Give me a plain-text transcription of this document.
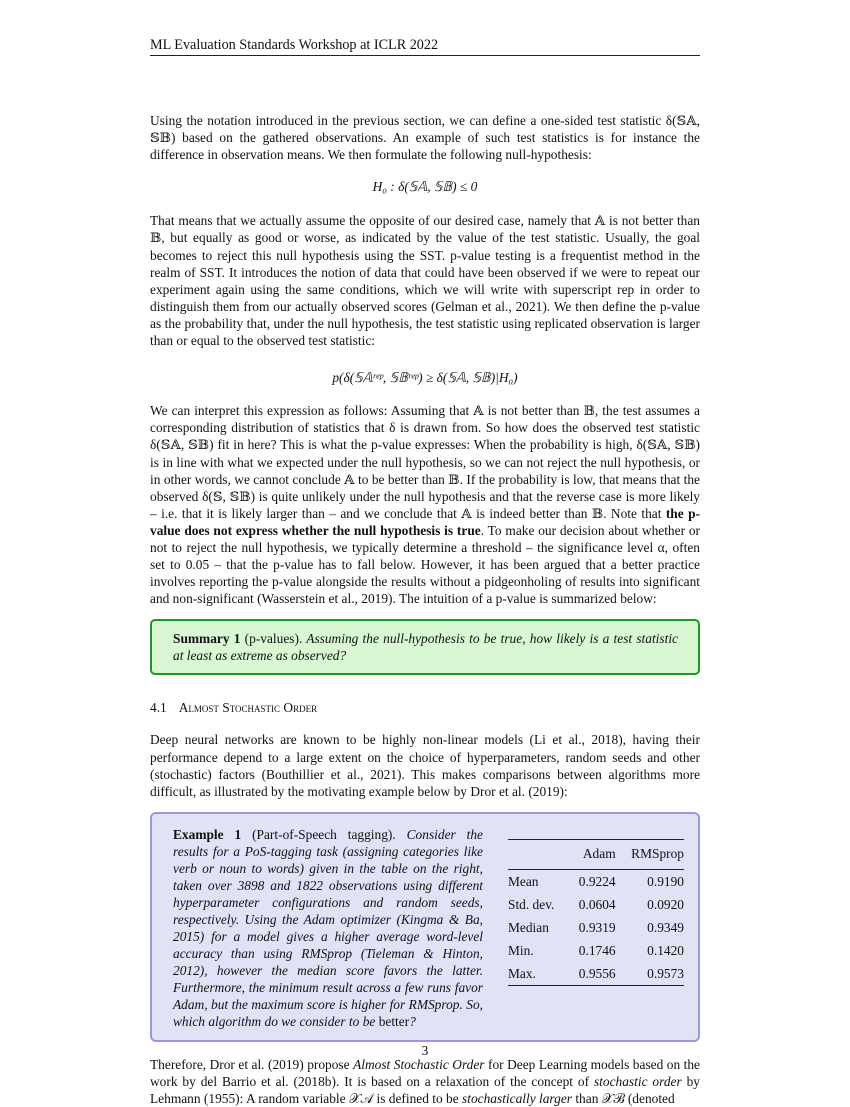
ML Evaluation Standards Workshop at ICLR 2022

Using the notation introduced in the previous section, we can define a one-sided test statistic δ(𝕊𝔸, 𝕊𝔹) based on the gathered observations. An example of such test statistics is for instance the difference in observation means. We then formulate the following null-hypothesis:

H₀ : δ(𝕊𝔸, 𝕊𝔹) ≤ 0

That means that we actually assume the opposite of our desired case, namely that 𝔸 is not better than 𝔹, but equally as good or worse, as indicated by the value of the test statistic. Usually, the goal becomes to reject this null hypothesis using the SST. p-value testing is a frequentist method in the realm of SST. It introduces the notion of data that could have been observed if we were to repeat our experiment again using the same conditions, which we will write with superscript rep in order to distinguish them from our actually observed scores (Gelman et al., 2021). We then define the p-value as the probability that, under the null hypothesis, the test statistic using replicated observation is larger than or equal to the observed test statistic:

p(δ(𝕊𝔸ʳᵉᵖ, 𝕊𝔹ʳᵉᵖ) ≥ δ(𝕊𝔸, 𝕊𝔹)|H₀)

We can interpret this expression as follows: Assuming that 𝔸 is not better than 𝔹, the test assumes a corresponding distribution of statistics that δ is drawn from. So how does the observed test statistic δ(𝕊𝔸, 𝕊𝔹) fit in here? This is what the p-value expresses: When the probability is high, δ(𝕊𝔸, 𝕊𝔹) is in line with what we expected under the null hypothesis, so we can not reject the null hypothesis, or in other words, we cannot conclude 𝔸 to be better than 𝔹. If the probability is low, that means that the observed δ(𝕊, 𝕊𝔹) is quite unlikely under the null hypothesis and that the reverse case is more likely – i.e. that it is likely larger than – and we conclude that 𝔸 is indeed better than 𝔹. Note that the p-value does not express whether the null hypothesis is true. To make our decision about whether or not to reject the null hypothesis, we typically determine a threshold – the significance level α, often set to 0.05 – that the p-value has to fall below. However, it has been argued that a better practice involves reporting the p-value alongside the results without a pidgeonholing of results into significant and non-significant (Wasserstein et al., 2019). The intuition of a p-value is summarized below:

Summary 1 (p-values). Assuming the null-hypothesis to be true, how likely is a test statistic at least as extreme as observed?
4.1 Almost Stochastic Order

Deep neural networks are known to be highly non-linear models (Li et al., 2018), having their performance depend to a large extent on the choice of hyperparameters, random seeds and other (stochastic) factors (Bouthillier et al., 2021). This makes comparisons between algorithms more difficult, as illustrated by the motivating example below by Dror et al. (2019):

Example 1 (Part-of-Speech tagging). Consider the results for a PoS-tagging task (assigning categories like verb or noun to words) given in the table on the right, taken over 3898 and 1822 observations using different hyperparameter configurations and random seeds, respectively. Using the Adam optimizer (Kingma & Ba, 2015) for a model gives a higher average word-level accuracy than using RMSprop (Tieleman & Hinton, 2012), however the median score favors the latter. Furthermore, the minimum result across a few runs favor Adam, but the maximum score is higher for RMSprop. So, which algorithm do we consider to be better?
	Adam	RMSprop
Mean	0.9224	0.9190
Std. dev.	0.0604	0.0920
Median	0.9319	0.9349
Min.	0.1746	0.1420
Max.	0.9556	0.9573

Therefore, Dror et al. (2019) propose Almost Stochastic Order for Deep Learning models based on the work by del Barrio et al. (2018b). It is based on a relaxation of the concept of stochastic order by Lehmann (1955): A random variable 𝒳𝒜 is defined to be stochastically larger than 𝒳ℬ (denoted

3
